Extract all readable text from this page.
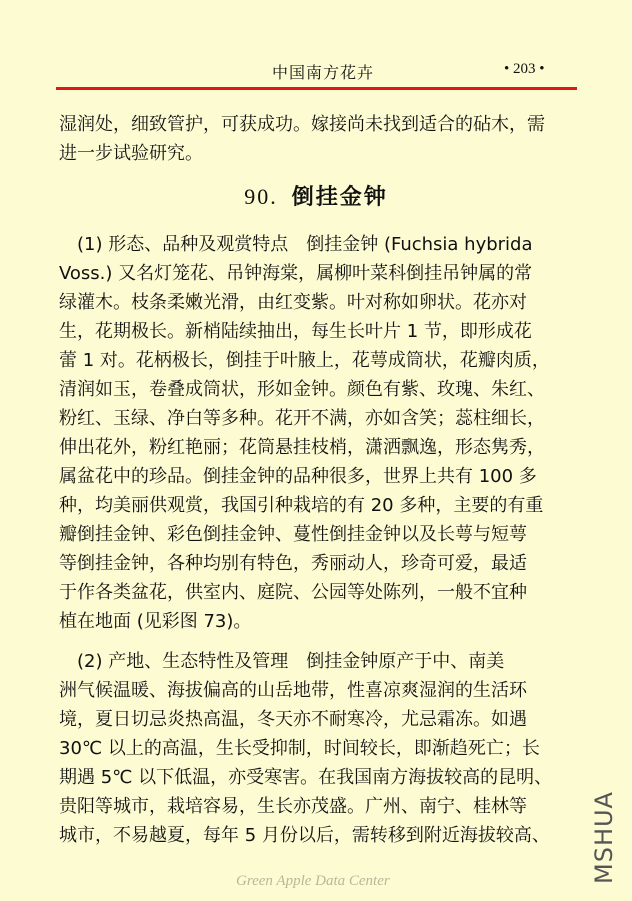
中国南方花卉	• 203 •
湿润处，细致管护，可获成功。嫁接尚未找到适合的砧木，需
进一步试验研究。
90. 倒挂金钟
　(1) 形态、品种及观赏特点　倒挂金钟 (Fuchsia hybrida
Voss.) 又名灯笼花、吊钟海棠，属柳叶菜科倒挂吊钟属的常
绿灌木。枝条柔嫩光滑，由红变紫。叶对称如卵状。花亦对
生，花期极长。新梢陆续抽出，每生长叶片 1 节，即形成花
蕾 1 对。花柄极长，倒挂于叶腋上，花萼成筒状，花瓣肉质，
清润如玉，卷叠成筒状，形如金钟。颜色有紫、玫瑰、朱红、
粉红、玉绿、净白等多种。花开不满，亦如含笑；蕊柱细长，
伸出花外，粉红艳丽；花筒悬挂枝梢，潇洒飘逸，形态隽秀，
属盆花中的珍品。倒挂金钟的品种很多，世界上共有 100 多
种，均美丽供观赏，我国引种栽培的有 20 多种，主要的有重
瓣倒挂金钟、彩色倒挂金钟、蔓性倒挂金钟以及长萼与短萼
等倒挂金钟，各种均别有特色，秀丽动人，珍奇可爱，最适
于作各类盆花，供室内、庭院、公园等处陈列，一般不宜种
植在地面 (见彩图 73)。
　(2) 产地、生态特性及管理　倒挂金钟原产于中、南美
洲气候温暖、海拔偏高的山岳地带，性喜凉爽湿润的生活环
境，夏日切忌炎热高温，冬天亦不耐寒冷，尤忌霜冻。如遇
30℃ 以上的高温，生长受抑制，时间较长，即渐趋死亡；长
期遇 5℃ 以下低温，亦受寒害。在我国南方海拔较高的昆明、
贵阳等城市，栽培容易，生长亦茂盛。广州、南宁、桂林等
城市，不易越夏，每年 5 月份以后，需转移到附近海拔较高、	MSHUA
Green Apple Data Center
